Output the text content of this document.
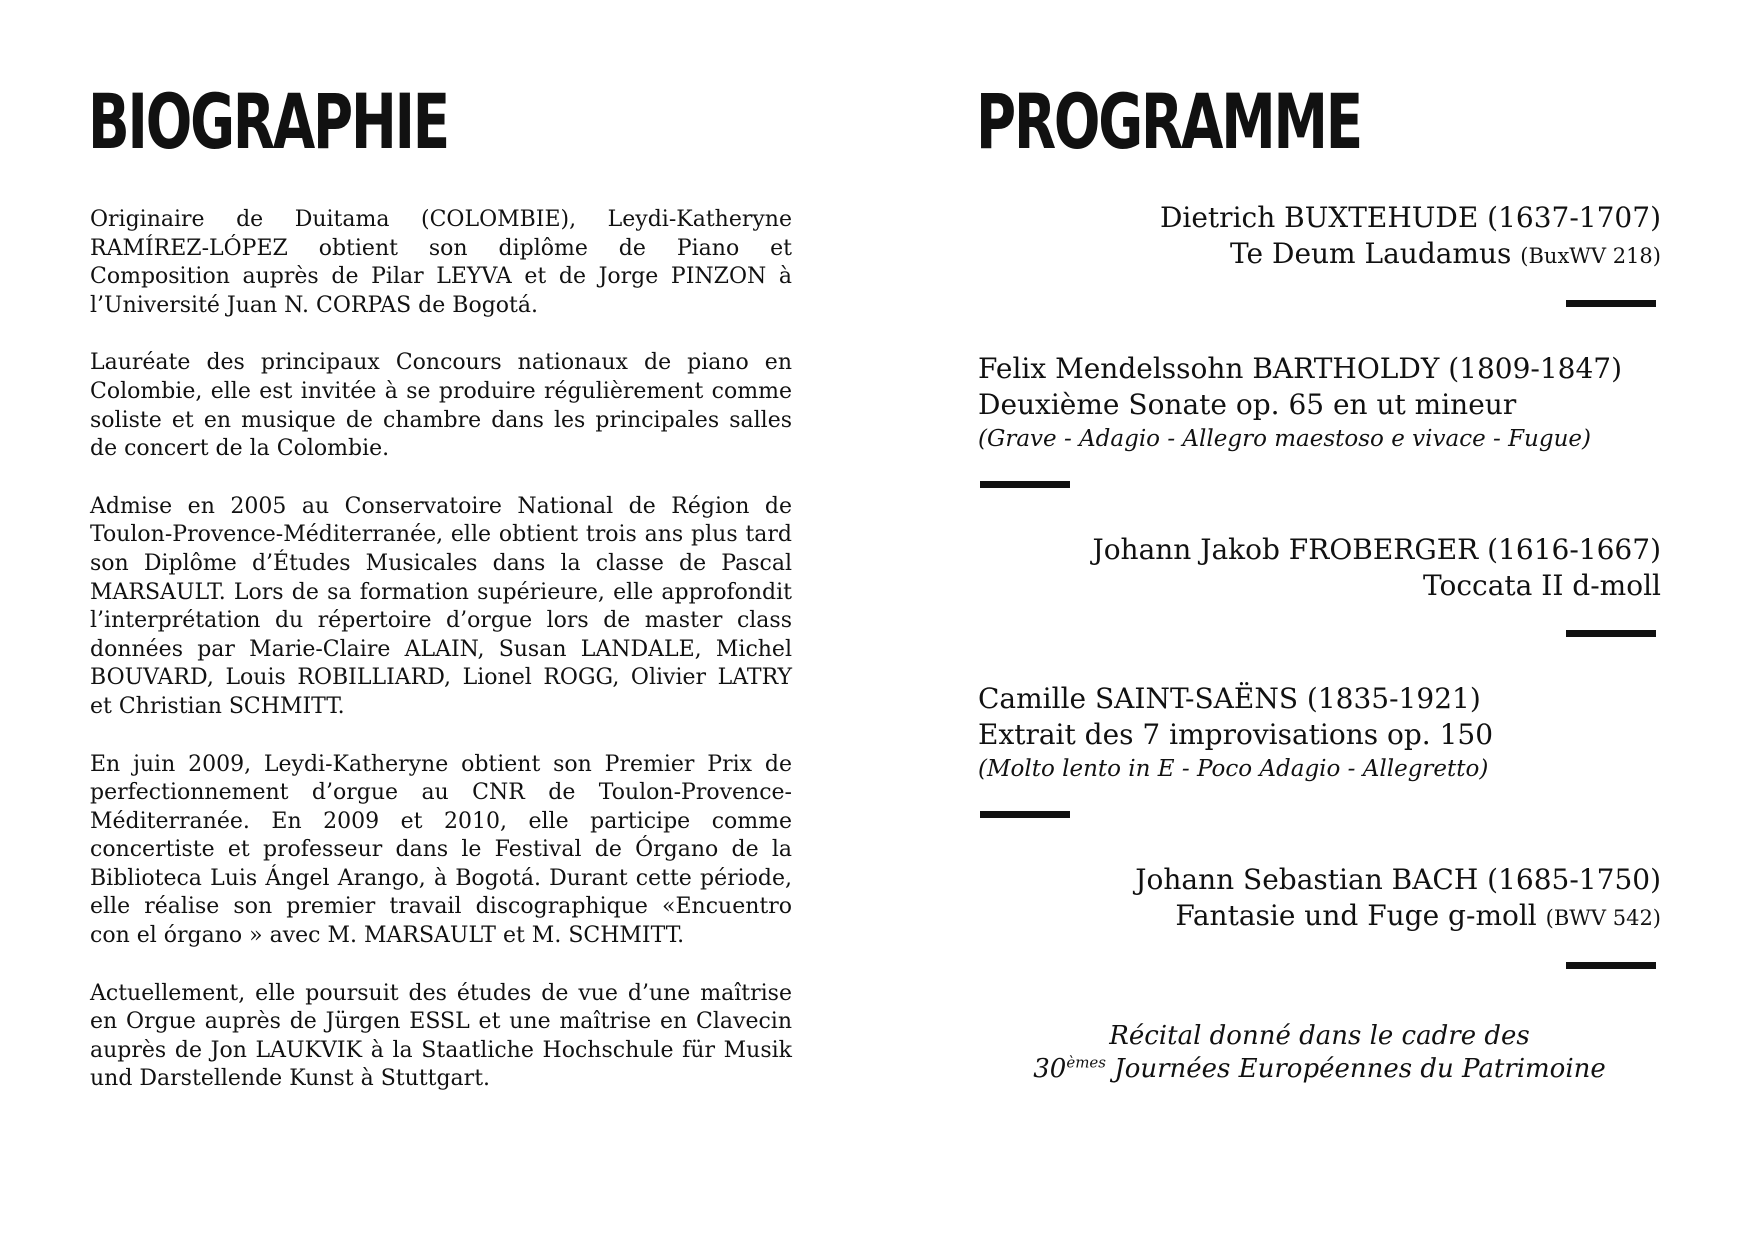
BIOGRAPHIE

Originaire de Duitama (COLOMBIE), Leydi-Katheryne RAMÍREZ-LÓPEZ obtient son diplôme de Piano et Composition auprès de Pilar LEYVA et de Jorge PINZON à l’Université Juan N. CORPAS de Bogotá.

Lauréate des principaux Concours nationaux de piano en Colombie, elle est invitée à se produire régulièrement comme soliste et en musique de chambre dans les principales salles de concert de la Colombie.

Admise en 2005 au Conservatoire National de Région de Toulon-Provence-Méditerranée, elle obtient trois ans plus tard son Diplôme d’Études Musicales dans la classe de Pascal MARSAULT. Lors de sa formation supérieure, elle approfondit l’interprétation du répertoire d’orgue lors de master class données par Marie-Claire ALAIN, Susan LANDALE, Michel BOUVARD, Louis ROBILLIARD, Lionel ROGG, Olivier LATRY et Christian SCHMITT.

En juin 2009, Leydi-Katheryne obtient son Premier Prix de perfectionnement d’orgue au CNR de Toulon-Provence-Méditerranée. En 2009 et 2010, elle participe comme concertiste et professeur dans le Festival de Órgano de la Biblioteca Luis Ángel Arango, à Bogotá. Durant cette période, elle réalise son premier travail discographique «Encuentro con el órgano » avec M. MARSAULT et M. SCHMITT.

Actuellement, elle poursuit des études de vue d’une maîtrise en Orgue auprès de Jürgen ESSL et une maîtrise en Clavecin auprès de Jon LAUKVIK à la Staatliche Hochschule für Musik und Darstellende Kunst à Stuttgart.

PROGRAMME
Dietrich BUXTEHUDE (1637-1707)
Te Deum Laudamus (BuxWV 218)
Felix Mendelssohn BARTHOLDY (1809-1847)
Deuxième Sonate op. 65 en ut mineur
(Grave - Adagio - Allegro maestoso e vivace - Fugue)
Johann Jakob FROBERGER (1616-1667)
Toccata II d-moll
Camille SAINT-SAËNS (1835-1921)
Extrait des 7 improvisations op. 150
(Molto lento in E - Poco Adagio - Allegretto)
Johann Sebastian BACH (1685-1750)
Fantasie und Fuge g-moll (BWV 542)
Récital donné dans le cadre des
30èmes Journées Européennes du Patrimoine
